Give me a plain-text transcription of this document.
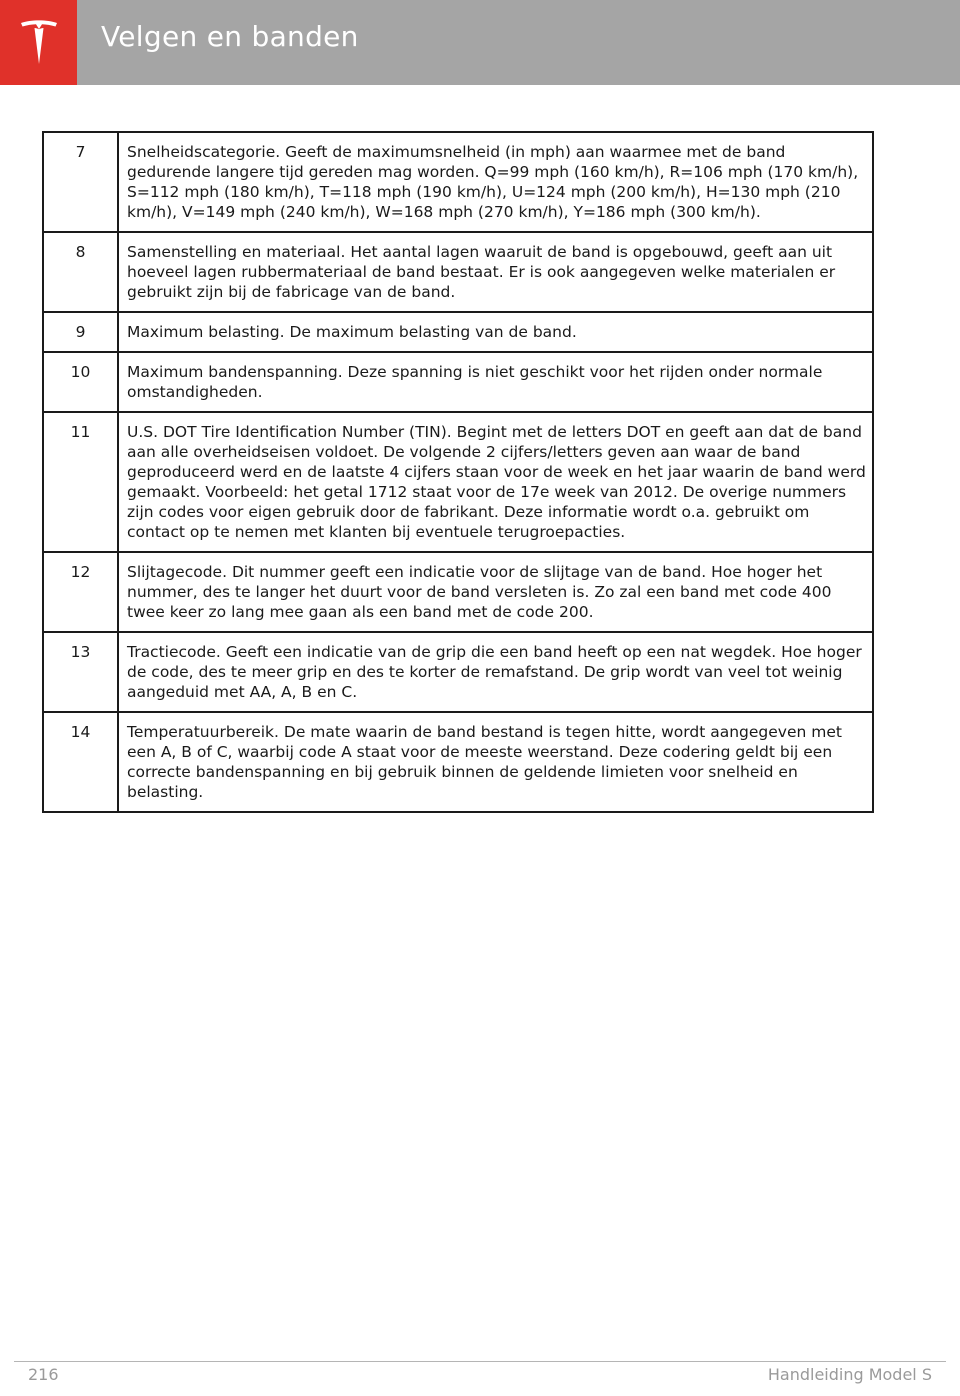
Velgen en banden
7	Snelheidscategorie. Geeft de maximumsnelheid (in mph) aan waarmee met de band gedurende langere tijd gereden mag worden. Q=99 mph (160 km/h), R=106 mph (170 km/h), S=112 mph (180 km/h), T=118 mph (190 km/h), U=124 mph (200 km/h), H=130 mph (210 km/h), V=149 mph (240 km/h), W=168 mph (270 km/h), Y=186 mph (300 km/h).
8	Samenstelling en materiaal. Het aantal lagen waaruit de band is opgebouwd, geeft aan uit hoeveel lagen rubbermateriaal de band bestaat. Er is ook aangegeven welke materialen er gebruikt zijn bij de fabricage van de band.
9	Maximum belasting. De maximum belasting van de band.
10	Maximum bandenspanning. Deze spanning is niet geschikt voor het rijden onder normale omstandigheden.
11	U.S. DOT Tire Identification Number (TIN). Begint met de letters DOT en geeft aan dat de band aan alle overheidseisen voldoet. De volgende 2 cijfers/letters geven aan waar de band geproduceerd werd en de laatste 4 cijfers staan voor de week en het jaar waarin de band werd gemaakt. Voorbeeld: het getal 1712 staat voor de 17e week van 2012. De overige nummers zijn codes voor eigen gebruik door de fabrikant. Deze informatie wordt o.a. gebruikt om contact op te nemen met klanten bij eventuele terugroepacties.
12	Slijtagecode. Dit nummer geeft een indicatie voor de slijtage van de band. Hoe hoger het nummer, des te langer het duurt voor de band versleten is. Zo zal een band met code 400 twee keer zo lang mee gaan als een band met de code 200.
13	Tractiecode. Geeft een indicatie van de grip die een band heeft op een nat wegdek. Hoe hoger de code, des te meer grip en des te korter de remafstand. De grip wordt van veel tot weinig aangeduid met AA, A, B en C.
14	Temperatuurbereik. De mate waarin de band bestand is tegen hitte, wordt aangegeven met een A, B of C, waarbij code A staat voor de meeste weerstand. Deze codering geldt bij een correcte bandenspanning en bij gebruik binnen de geldende limieten voor snelheid en belasting.
216	Handleiding Model S
